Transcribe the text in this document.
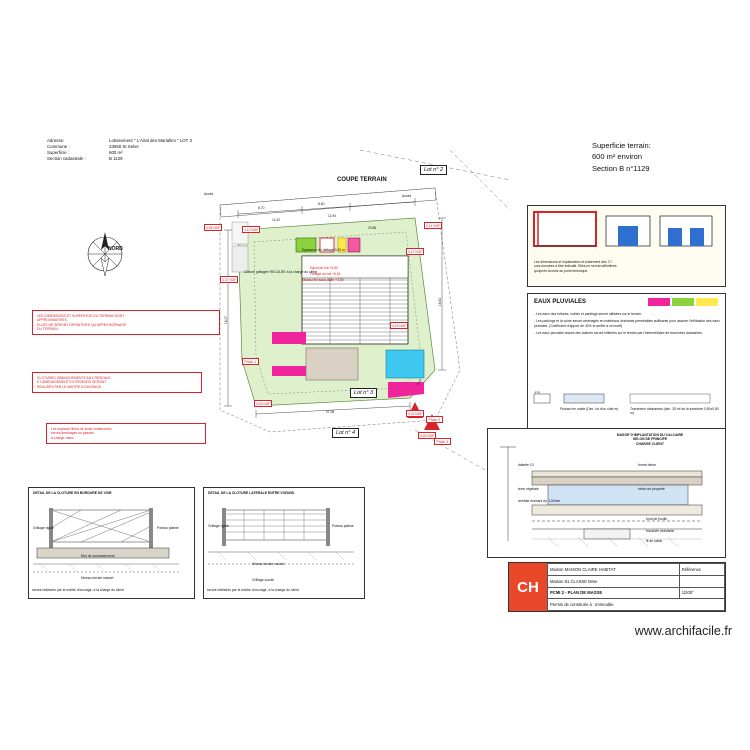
Adresse:	Lotissement " L'Airal des Marialles " LOT 3
Commune :	33650 St Selve
Superficie :	600 m²
Section cadastrale :	B 1129
Superficie terrain:
600 m² environ
Section B n°1129
NORD
LES DIMENSIONS ET SUPERFICIE DU TERRAIN SONT
APPROXIMATIVES.
ELLES NE SERONT DEFINITIVES QU'APRES BORNAGE
DU TERRAIN.
CLOTURES, BRANCHEMENTS AUX RESEAUX,
ET AMENAGEMENT EXTERIEURS SERONT
REALISES PAR LE MAITRE D'OUVRAGE.
Les espaces libres de toute construction
seront aménagés ou plantés.
A charge client.
COUPE TERRAIN
Lot n° 2
Lot n° 3
Lot n° 4
4,65 NGF	4,10 NGF
4,14 NGF
4,27 NGF
4,23 NGF
4,02 NGF
4,02 NGF
3,37 NGF
3,02 NGF
Egout du toit +6,60
Faîtage du toit +8,34
Epaisseur du dallage 0,20 m
Niveau fini sous dalle +4,00
8,70
8,60
11,00
11,94
29,85
27,08
16,64
18,27
9,44
Photo 1
Photo 2
Photo 3
Accès	Accès
Clôture grillagée RECULÉE à la charge du client
Les dimensions et implantation et traitement des C?
sont données à titre indicatif. Elles ne seront définitives
qu'après la mise au point technique.
EAUX PLUVIALES
- Les eaux des toitures, voiries et parkings seront utilisées sur le terrain.
- Les parkings et la voirie seront aménagés en matériaux drainants perméables suffisante pour assurer l'infiltration des eaux pluviales. (Coefficient d'apport de 40% et arrêté à ce motif)
- Les eaux pluviales issues des toitures seront infiltrées sur le terrain par l'intermédiaire de tranchées drainantes.
F.P.
Puisard en sable (Dim. lot d'un côté m)	Tranchées drainantes (dim. 25 ml de la tranchée 0,50x0,50 m)
MASSIF D'IMPLANTATION DU CALCAIRE
SELON DE PRINCIPE
CHARGE CLIENT
dallette 10
terre végétale
remblai drainant ép. 100mm
forme béton
béton de propreté
fond de fouille
tranchée drainante
lit de sable
DETAIL DE LA CLOTURE EN BORDURE DE VOIE
Grillage rigide	Poteau platine
Mur de soubassement
Niveau terrain naturel
seront réalisées par le maître d'ouvrage, à la charge du client
DETAIL DE LA CLOTURE LATERALE ENTRE VOISINS
Grillage rigide	Poteau platine
Niveau terrain naturel
Grillage soudé
seront réalisées par le maître d'ouvrage, à la charge du client	CH
Maison MAISON CLAIRE HABITAT	Référence
Maison 81 CLASSE Mme	
PCMI 2 - PLAN DE MASSE	1/200°
Permis de construire à : immeuble	
www.archifacile.fr
